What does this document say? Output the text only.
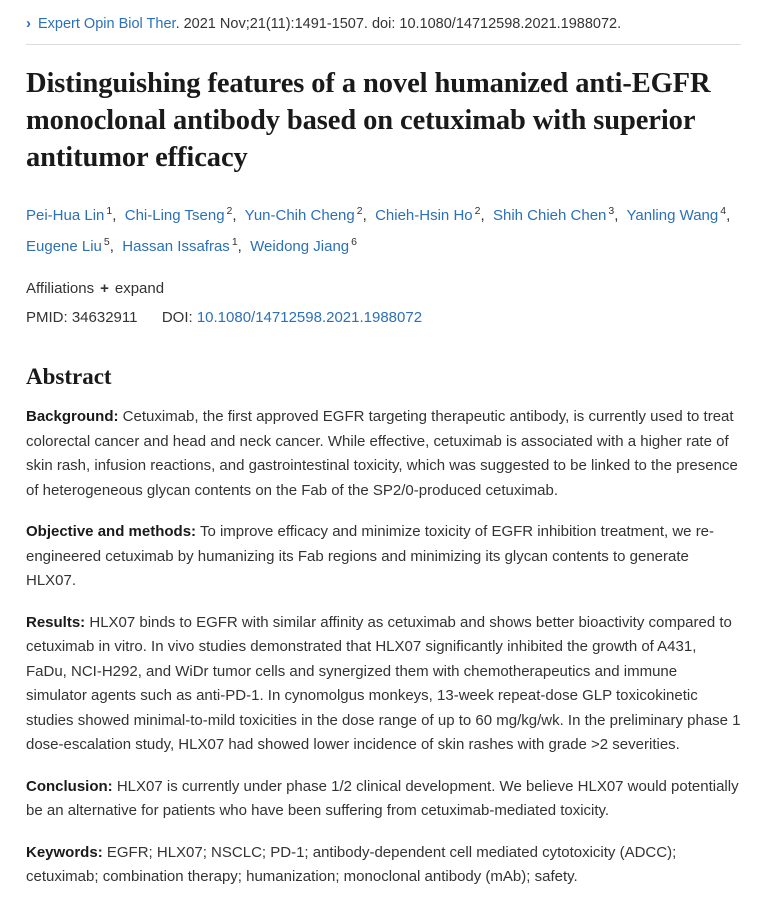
› Expert Opin Biol Ther. 2021 Nov;21(11):1491-1507. doi: 10.1080/14712598.2021.1988072.
Distinguishing features of a novel humanized anti-EGFR monoclonal antibody based on cetuximab with superior antitumor efficacy
Pei-Hua Lin $^1$,  Chi-Ling Tseng $^2$,  Yun-Chih Cheng $^2$,  Chieh-Hsin Ho $^2$,  Shih Chieh Chen $^3$,  Yanling Wang $^4$,  Eugene Liu $^5$,  Hassan Issafras $^1$,  Weidong Jiang $^6$
Affiliations + expand
PMID: 34632911 DOI: 10.1080/14712598.2021.1988072
Abstract

Background: Cetuximab, the first approved EGFR targeting therapeutic antibody, is currently used to treat colorectal cancer and head and neck cancer. While effective, cetuximab is associated with a higher rate of skin rash, infusion reactions, and gastrointestinal toxicity, which was suggested to be linked to the presence of heterogeneous glycan contents on the Fab of the SP2/0-produced cetuximab.

Objective and methods: To improve efficacy and minimize toxicity of EGFR inhibition treatment, we re-engineered cetuximab by humanizing its Fab regions and minimizing its glycan contents to generate HLX07.

Results: HLX07 binds to EGFR with similar affinity as cetuximab and shows better bioactivity compared to cetuximab in vitro. In vivo studies demonstrated that HLX07 significantly inhibited the growth of A431, FaDu, NCI-H292, and WiDr tumor cells and synergized them with chemotherapeutics and immune simulator agents such as anti-PD-1. In cynomolgus monkeys, 13-week repeat-dose GLP toxicokinetic studies showed minimal-to-mild toxicities in the dose range of up to 60 mg/kg/wk. In the preliminary phase 1 dose-escalation study, HLX07 had showed lower incidence of skin rashes with grade >2 severities.

Conclusion: HLX07 is currently under phase 1/2 clinical development. We believe HLX07 would potentially be an alternative for patients who have been suffering from cetuximab-mediated toxicity.

Keywords: EGFR; HLX07; NSCLC; PD-1; antibody-dependent cell mediated cytotoxicity (ADCC); cetuximab; combination therapy; humanization; monoclonal antibody (mAb); safety.
